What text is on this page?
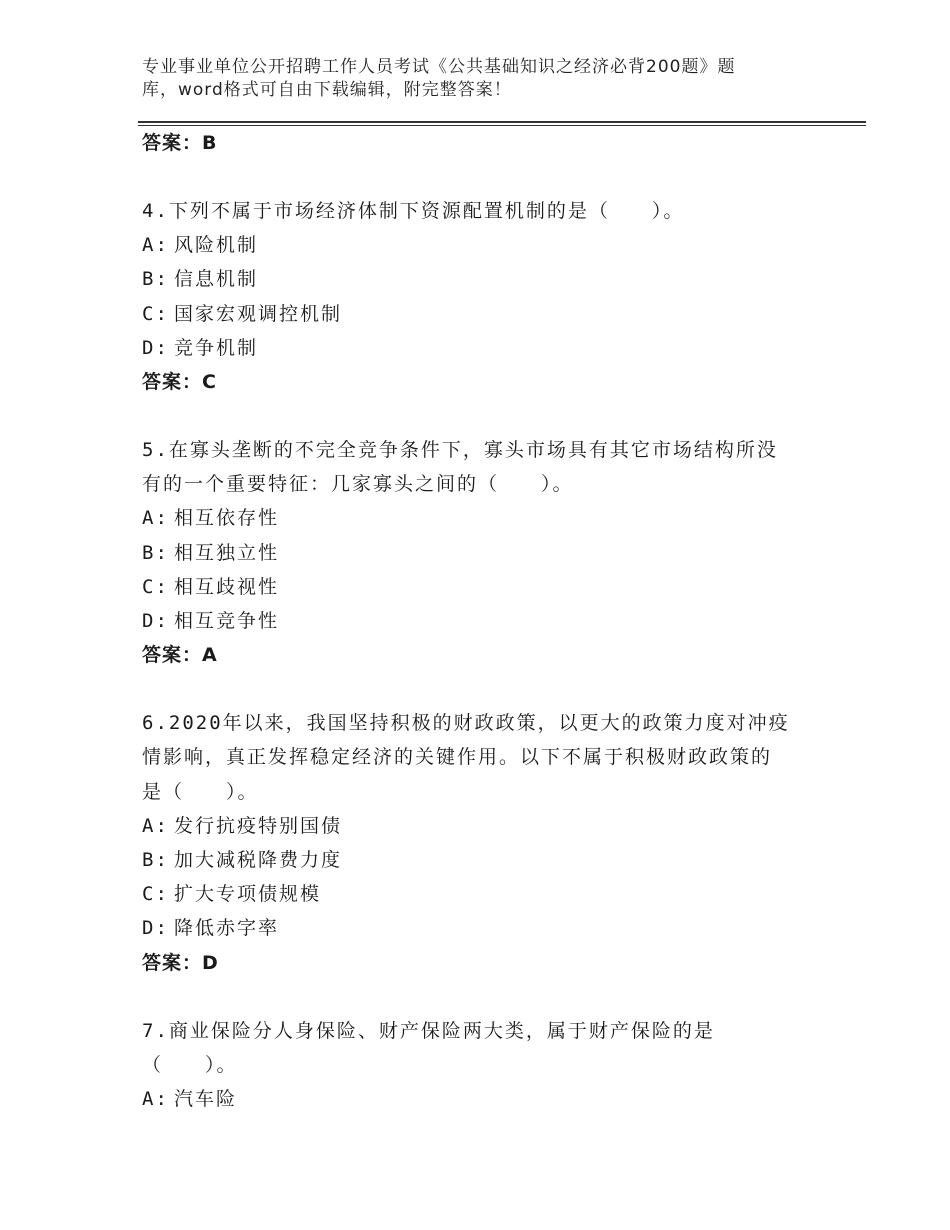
专业事业单位公开招聘工作人员考试《公共基础知识之经济必背200题》题
库，word格式可自由下载编辑，附完整答案！
答案：B
4.下列不属于市场经济体制下资源配置机制的是（　　）。
A: 风险机制
B: 信息机制
C: 国家宏观调控机制
D: 竞争机制
答案：C
5.在寡头垄断的不完全竞争条件下，寡头市场具有其它市场结构所没
有的一个重要特征：几家寡头之间的（　　）。
A: 相互依存性
B: 相互独立性
C: 相互歧视性
D: 相互竞争性
答案：A
6.2020年以来，我国坚持积极的财政政策，以更大的政策力度对冲疫
情影响，真正发挥稳定经济的关键作用。以下不属于积极财政政策的
是（　　）。
A: 发行抗疫特别国债
B: 加大减税降费力度
C: 扩大专项债规模
D: 降低赤字率
答案：D
7.商业保险分人身保险、财产保险两大类，属于财产保险的是
（　　）。
A: 汽车险
